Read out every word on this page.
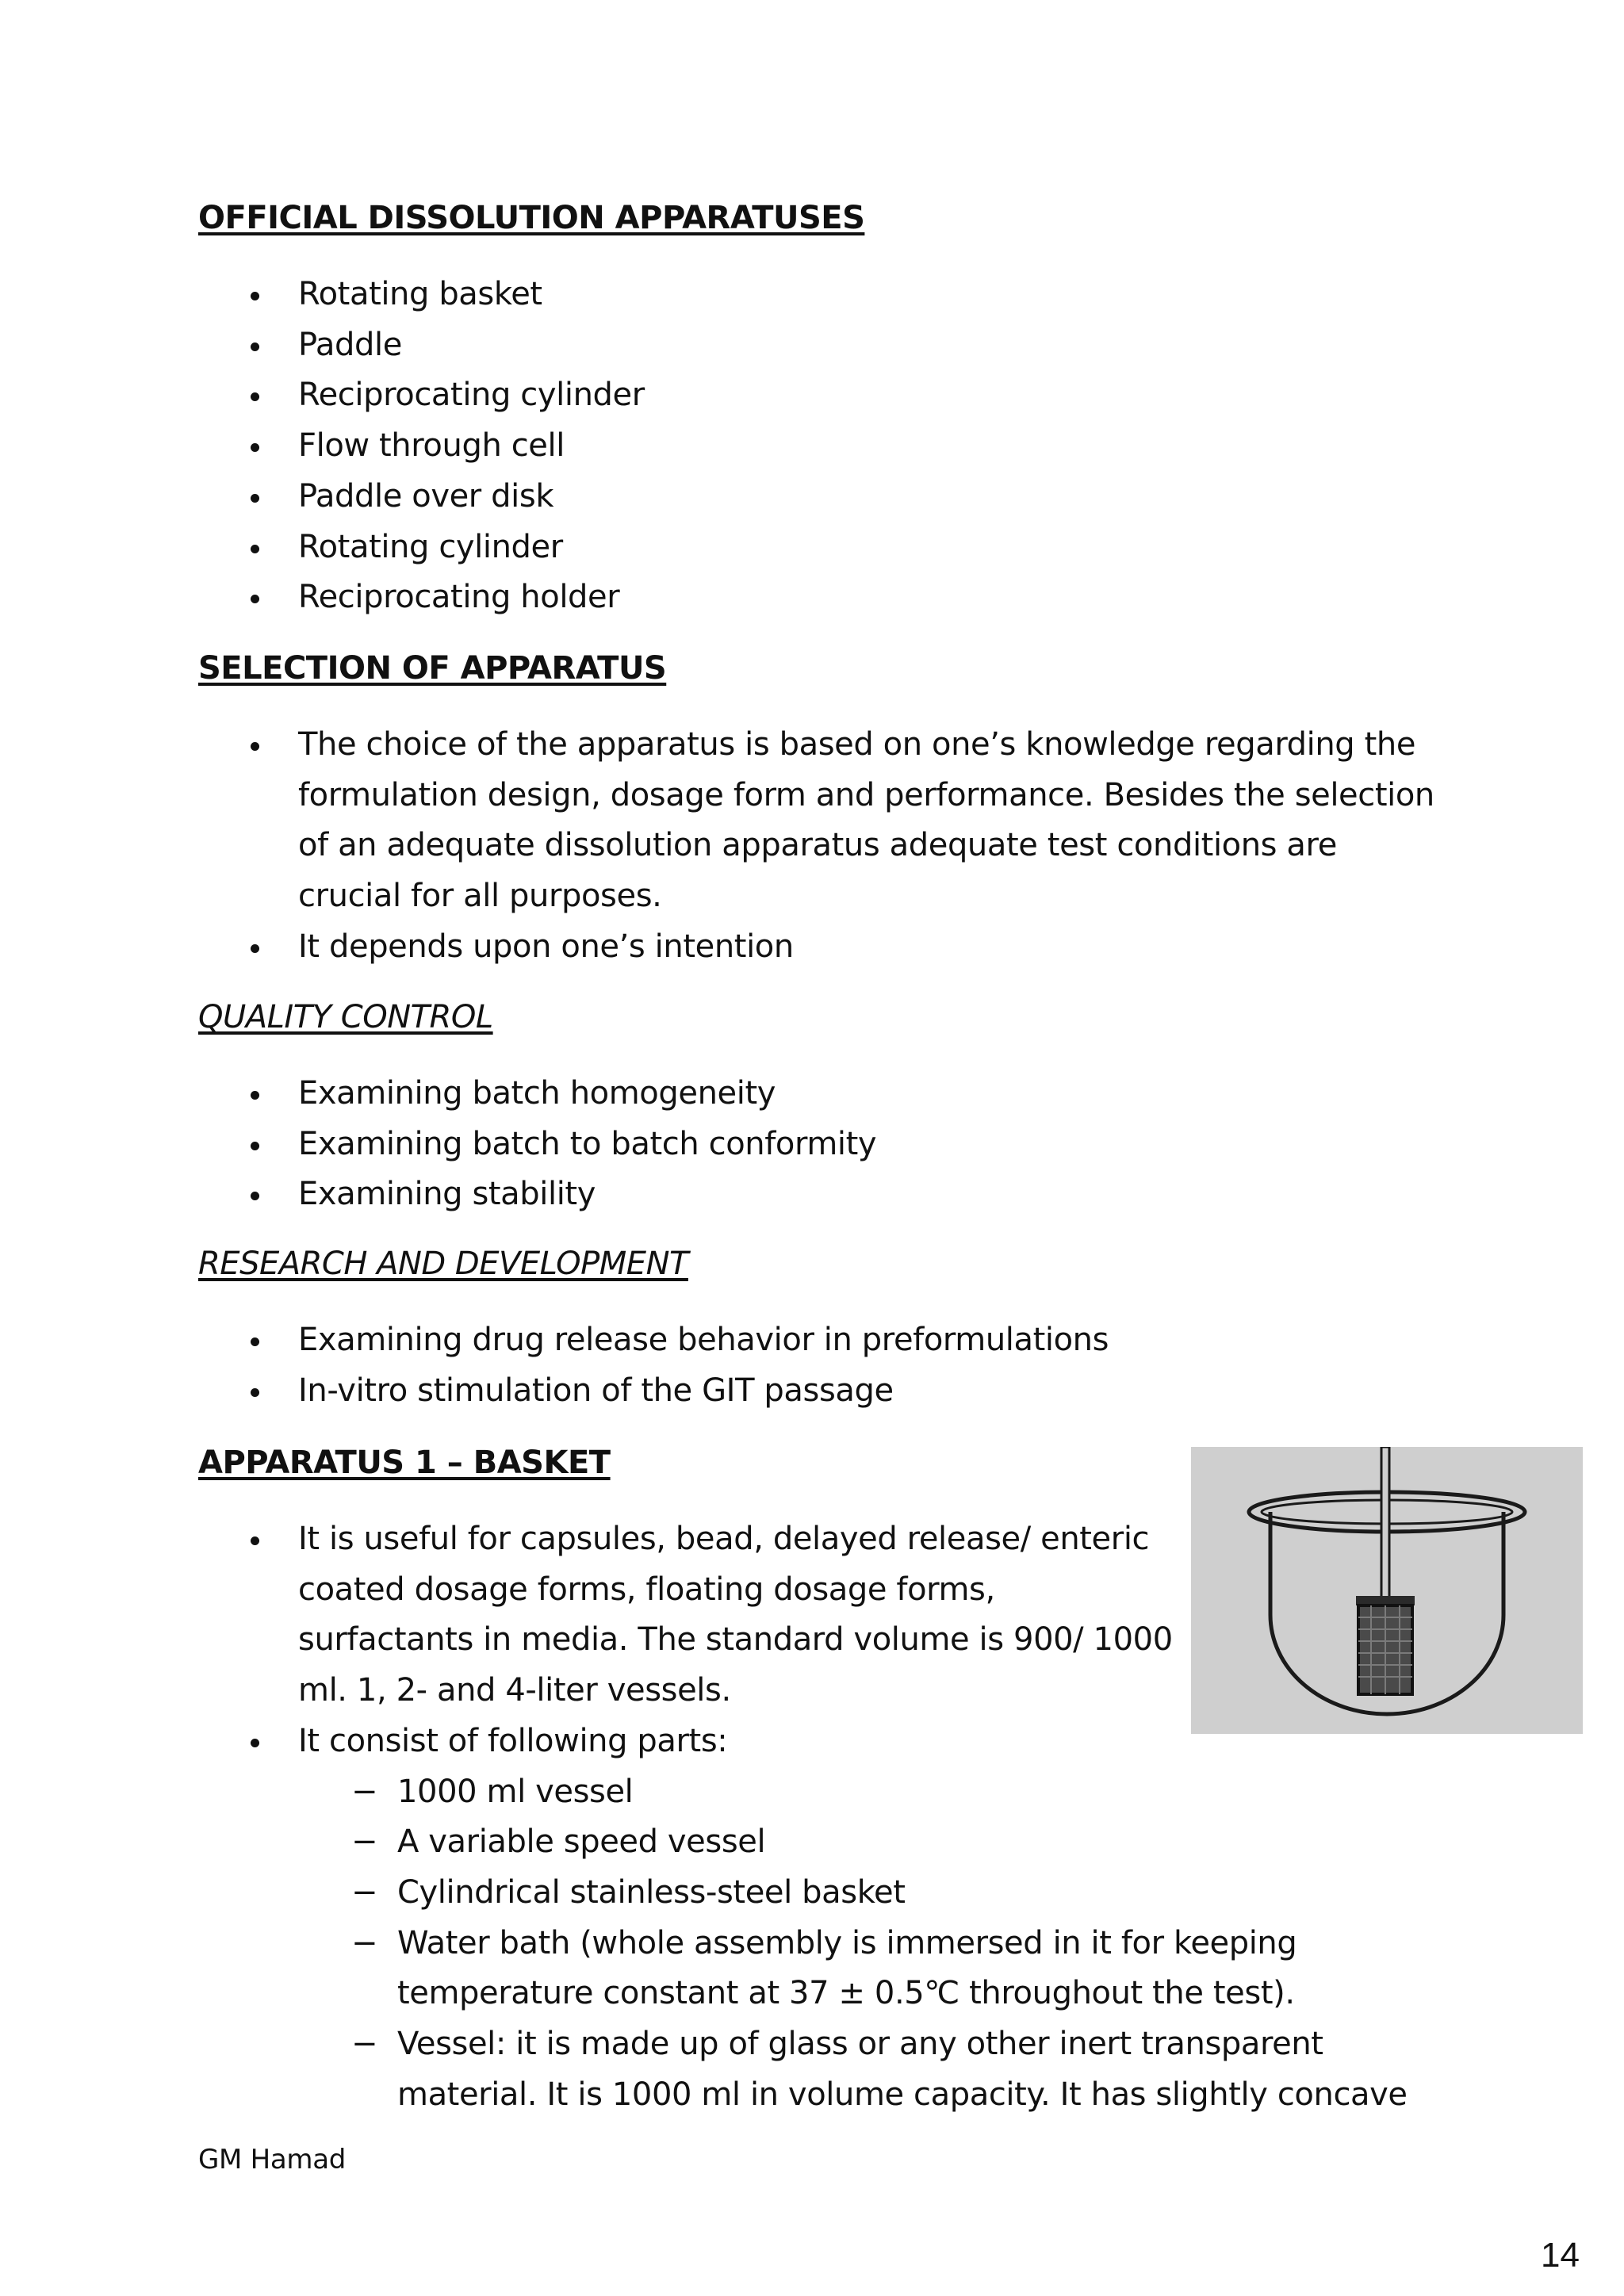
OFFICIAL DISSOLUTION APPARATUSES
Rotating basket
Paddle
Reciprocating cylinder
Flow through cell
Paddle over disk
Rotating cylinder
Reciprocating holder
SELECTION OF APPARATUS
The choice of the apparatus is based on one’s knowledge regarding the
formulation design, dosage form and performance. Besides the selection
of an adequate dissolution apparatus adequate test conditions are
crucial for all purposes.
It depends upon one’s intention
QUALITY CONTROL
Examining batch homogeneity
Examining batch to batch conformity
Examining stability
RESEARCH AND DEVELOPMENT
Examining drug release behavior in preformulations
In-vitro stimulation of the GIT passage
APPARATUS 1 – BASKET
It is useful for capsules, bead, delayed release/ enteric
coated dosage forms, floating dosage forms,
surfactants in media. The standard volume is 900/ 1000
ml. 1, 2- and 4-liter vessels.
It consist of following parts:
− 1000 ml vessel
− A variable speed vessel
− Cylindrical stainless-steel basket
− Water bath (whole assembly is immersed in it for keeping
temperature constant at 37 ± 0.5℃ throughout the test).
− Vessel: it is made up of glass or any other inert transparent
material. It is 1000 ml in volume capacity. It has slightly concave
GM Hamad
14
